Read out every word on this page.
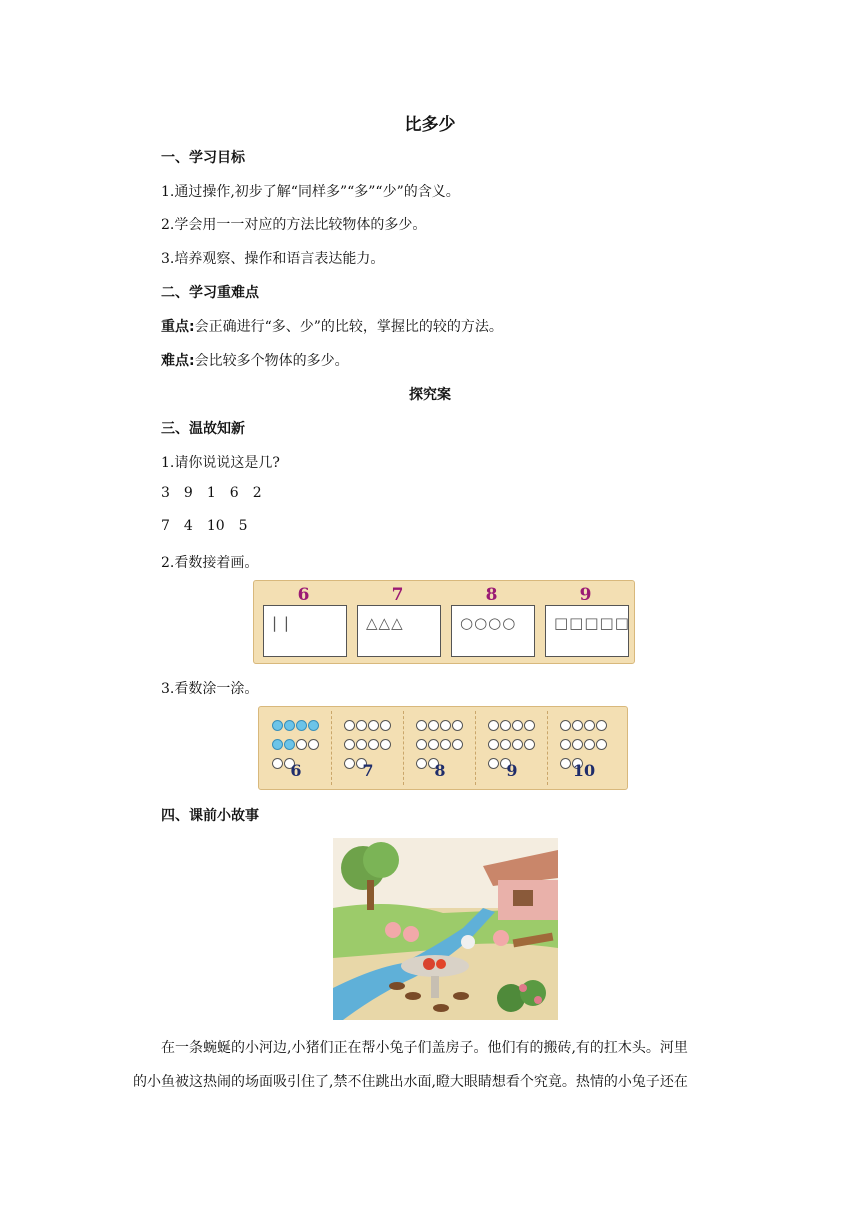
比多少
一、学习目标
1.通过操作,初步了解“同样多”“多”“少”的含义。
2.学会用一一对应的方法比较物体的多少。
3.培养观察、操作和语言表达能力。
二、学习重难点
重点:会正确进行“多、少”的比较，掌握比的较的方法。
难点:会比较多个物体的多少。
探究案
三、温故知新
1.请你说说这是几?
3 9 1 6 2
7 4 10 5
2.看数接着画。
6
| |
7
△△△
8
○○○○
9
□□□□□
3.看数涂一涂。
6	7	8	9	10
四、课前小故事
在一条蜿蜒的小河边,小猪们正在帮小兔子们盖房子。他们有的搬砖,有的扛木头。河里
的小鱼被这热闹的场面吸引住了,禁不住跳出水面,瞪大眼睛想看个究竟。热情的小兔子还在
